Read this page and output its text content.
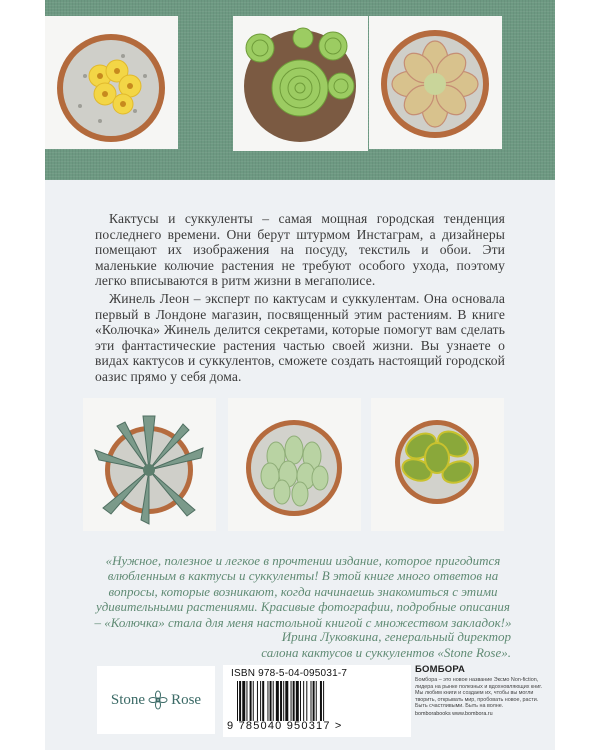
Кактусы и суккуленты – самая мощная городская тенденция последнего времени. Они берут штурмом Инстаграм, а дизайнеры помещают их изображения на посуду, текстиль и обои. Эти маленькие колючие растения не требуют особого ухода, поэтому легко вписываются в ритм жизни в мегаполисе.
Жинель Леон – эксперт по кактусам и суккулентам. Она основала первый в Лондоне магазин, посвященный этим растениям. В книге «Колючка» Жинель делится секретами, которые помогут вам сделать эти фантастические растения частью своей жизни. Вы узнаете о видах кактусов и суккулентов, сможете создать настоящий городской оазис прямо у себя дома.
«Нужное, полезное и легкое в прочтении издание, которое пригодится влюбленным в кактусы и суккуленты! В этой книге много ответов на вопросы, которые возникают, когда начинаешь знакомиться с этими удивительными растениями. Красивые фотографии, подробные описания – «Колючка» стала для меня настольной книгой с множеством закладок!»
Ирина Луковкина, генеральный директор
салона кактусов и суккулентов «Stone Rose».
Stone Rose
ISBN 978-5-04-095031-7
9 785040 950317 >
БОМБОРА
Бомбора – это новое название Эксмо Non-fiction, лидера на рынке полезных и вдохновляющих книг. Мы любим книги и создаем их, чтобы вы могли творить, открывать мир, пробовать новое, расти. Быть счастливыми. Быть на волне.
bomborabooks www.bombora.ru
